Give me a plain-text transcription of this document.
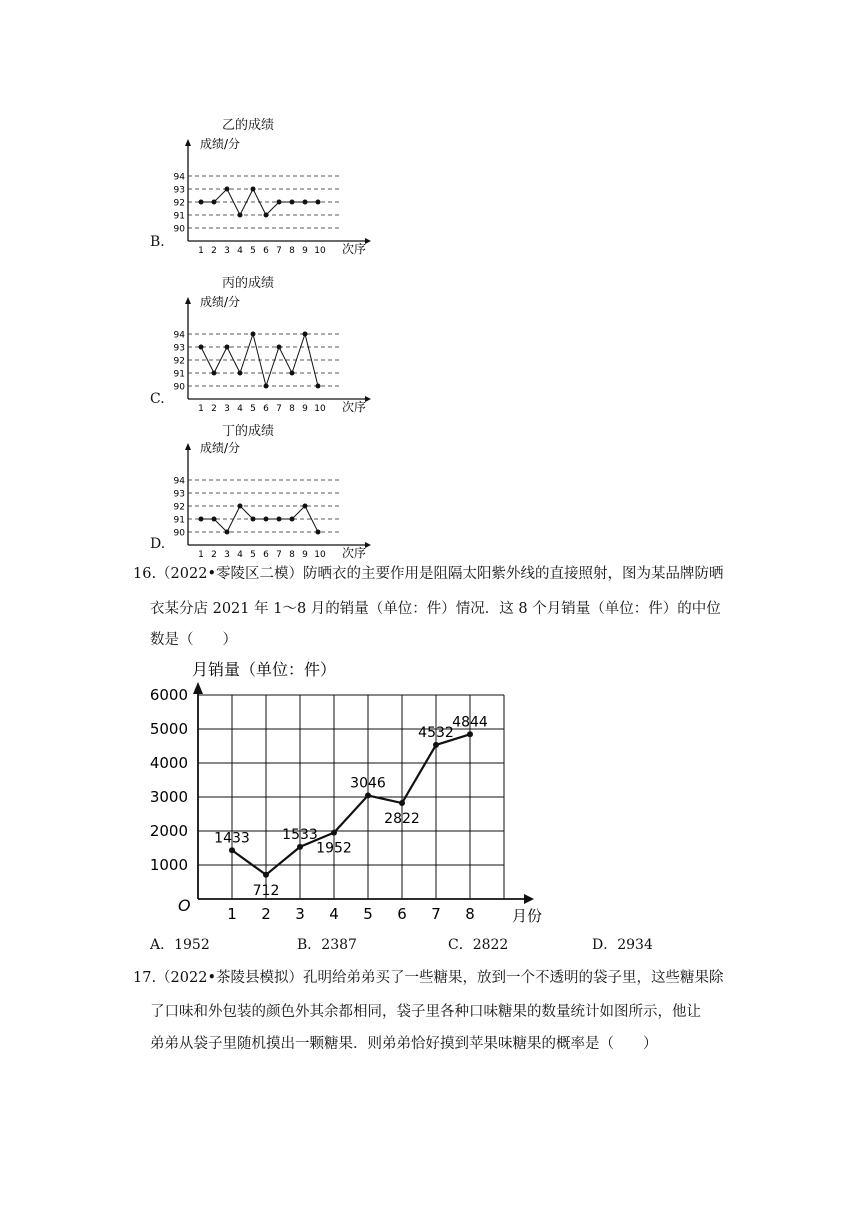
B.
乙的成绩
成绩/分
次序
90
91
92
93
94
1 2 3 4 5 6 7 8 9 10
C.
丙的成绩
成绩/分
次序
90
91
92
93
94
1 2 3 4 5 6 7 8 9 10
D.
丁的成绩
成绩/分
次序
90
91
92
93
94
1 2 3 4 5 6 7 8 9 10
16.（2022•零陵区二模）防晒衣的主要作用是阻隔太阳紫外线的直接照射，图为某品牌防晒
衣某分店 2021 年 1～8 月的销量（单位：件）情况．这 8 个月销量（单位：件）的中位
数是（　　）
月销量（单位：件）
1000
2000
3000
4000
5000
6000
O
月份
1 2 3 4 5 6 7 8
1433
712
1533
1952
3046
2822
4532
4844
A．1952	B．2387	C．2822	D．2934
17.（2022•茶陵县模拟）孔明给弟弟买了一些糖果，放到一个不透明的袋子里，这些糖果除
了口味和外包装的颜色外其余都相同，袋子里各种口味糖果的数量统计如图所示，他让
弟弟从袋子里随机摸出一颗糖果．则弟弟恰好摸到苹果味糖果的概率是（　　）
